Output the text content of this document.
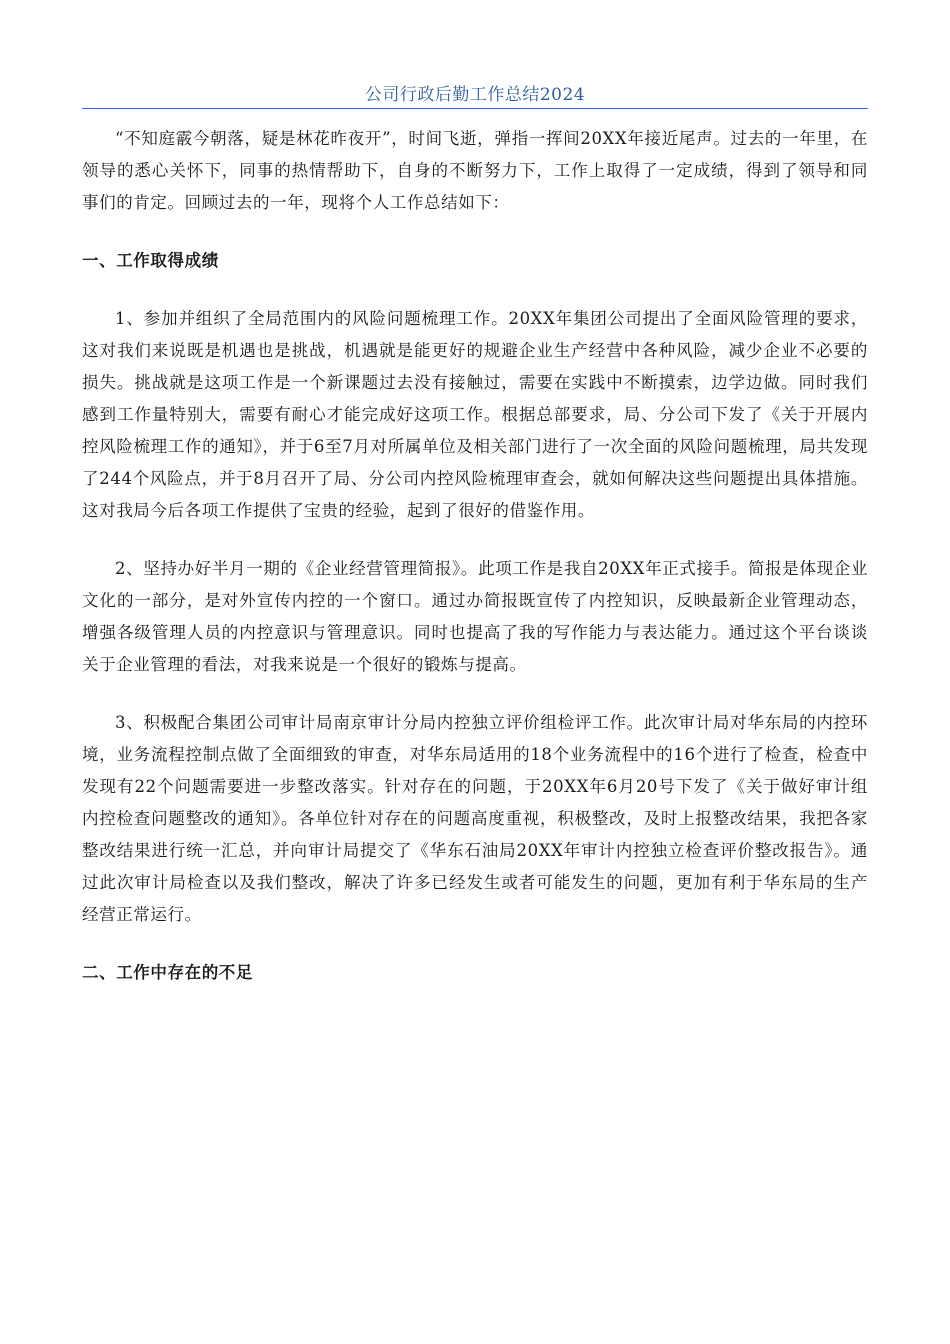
公司行政后勤工作总结2024

“不知庭霰今朝落，疑是林花昨夜开”，时间飞逝，弹指一挥间20XX年接近尾声。过去的一年里，在领导的悉心关怀下，同事的热情帮助下，自身的不断努力下，工作上取得了一定成绩，得到了领导和同事们的肯定。回顾过去的一年，现将个人工作总结如下：

一、工作取得成绩

1、参加并组织了全局范围内的风险问题梳理工作。20XX年集团公司提出了全面风险管理的要求，这对我们来说既是机遇也是挑战，机遇就是能更好的规避企业生产经营中各种风险，减少企业不必要的损失。挑战就是这项工作是一个新课题过去没有接触过，需要在实践中不断摸索，边学边做。同时我们感到工作量特别大，需要有耐心才能完成好这项工作。根据总部要求，局、分公司下发了《关于开展内控风险梳理工作的通知》，并于6至7月对所属单位及相关部门进行了一次全面的风险问题梳理，局共发现了244个风险点，并于8月召开了局、分公司内控风险梳理审查会，就如何解决这些问题提出具体措施。这对我局今后各项工作提供了宝贵的经验，起到了很好的借鉴作用。

2、坚持办好半月一期的《企业经营管理简报》。此项工作是我自20XX年正式接手。简报是体现企业文化的一部分，是对外宣传内控的一个窗口。通过办简报既宣传了内控知识，反映最新企业管理动态，增强各级管理人员的内控意识与管理意识。同时也提高了我的写作能力与表达能力。通过这个平台谈谈关于企业管理的看法，对我来说是一个很好的锻炼与提高。

3、积极配合集团公司审计局南京审计分局内控独立评价组检评工作。此次审计局对华东局的内控环境，业务流程控制点做了全面细致的审查，对华东局适用的18个业务流程中的16个进行了检查，检查中发现有22个问题需要进一步整改落实。针对存在的问题，于20XX年6月20号下发了《关于做好审计组内控检查问题整改的通知》。各单位针对存在的问题高度重视，积极整改，及时上报整改结果，我把各家整改结果进行统一汇总，并向审计局提交了《华东石油局20XX年审计内控独立检查评价整改报告》。通过此次审计局检查以及我们整改，解决了许多已经发生或者可能发生的问题，更加有利于华东局的生产经营正常运行。

二、工作中存在的不足
